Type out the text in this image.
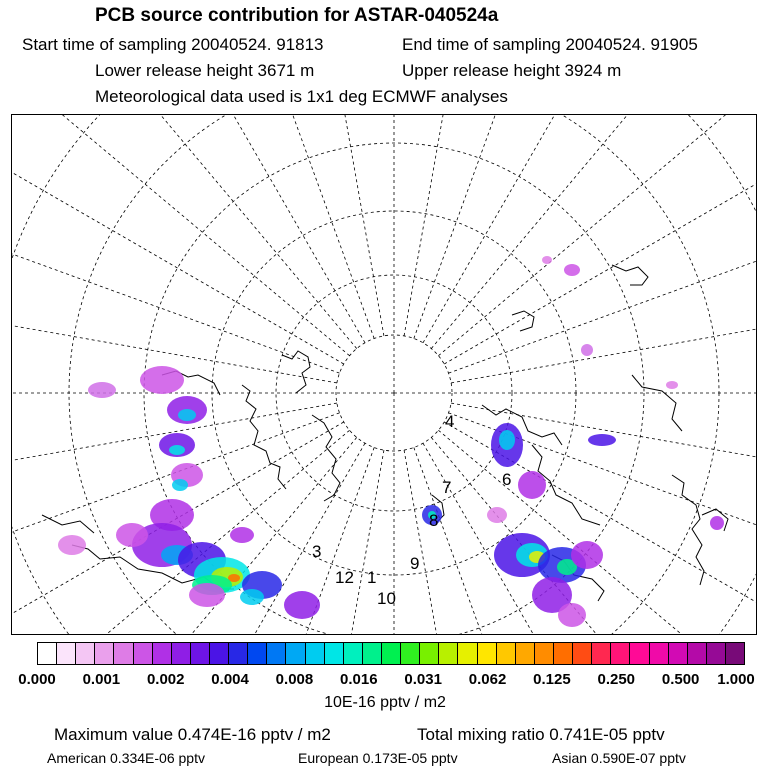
PCB source contribution for ASTAR-040524a
Start time of sampling 20040524. 91813	End time of sampling 20040524. 91905
Lower release height 3671 m	Upper release height 3924 m
Meteorological data used is 1x1 deg ECMWF analyses
4
6
8
7
9
10
3
12 1
0.000 0.001 0.002 0.004 0.008 0.016 0.031 0.062 0.125 0.250 0.500 1.000
10E-16 pptv / m2
Maximum value 0.474E-16 pptv / m2	Total mixing ratio 0.741E-05 pptv
American 0.334E-06 pptv	European 0.173E-05 pptv	Asian 0.590E-07 pptv
